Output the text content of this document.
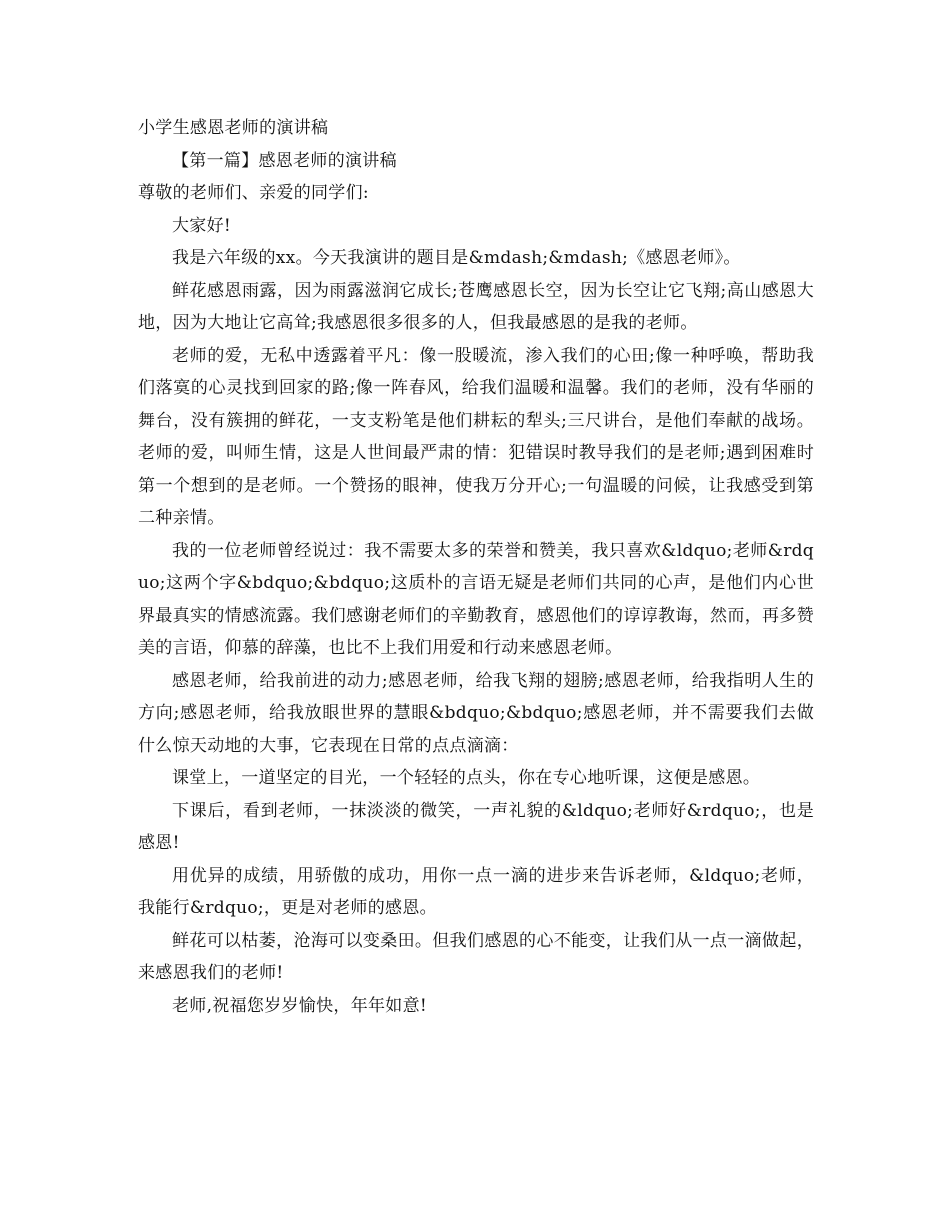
小学生感恩老师的演讲稿
【第一篇】感恩老师的演讲稿

尊敬的老师们、亲爱的同学们:

大家好!

我是六年级的xx。今天我演讲的题目是&mdash;&mdash;《感恩老师》。

鲜花感恩雨露，因为雨露滋润它成长;苍鹰感恩长空，因为长空让它飞翔;高山感恩大地，因为大地让它高耸;我感恩很多很多的人，但我最感恩的是我的老师。

老师的爱，无私中透露着平凡：像一股暖流，渗入我们的心田;像一种呼唤，帮助我们落寞的心灵找到回家的路;像一阵春风，给我们温暖和温馨。我们的老师，没有华丽的舞台，没有簇拥的鲜花，一支支粉笔是他们耕耘的犁头;三尺讲台，是他们奉献的战场。老师的爱，叫师生情，这是人世间最严肃的情：犯错误时教导我们的是老师;遇到困难时第一个想到的是老师。一个赞扬的眼神，使我万分开心;一句温暖的问候，让我感受到第二种亲情。

我的一位老师曾经说过：我不需要太多的荣誉和赞美，我只喜欢&ldquo;老师&rdquo;这两个字&bdquo;&bdquo;这质朴的言语无疑是老师们共同的心声，是他们内心世界最真实的情感流露。我们感谢老师们的辛勤教育，感恩他们的谆谆教诲，然而，再多赞美的言语，仰慕的辞藻，也比不上我们用爱和行动来感恩老师。

感恩老师，给我前进的动力;感恩老师，给我飞翔的翅膀;感恩老师，给我指明人生的方向;感恩老师，给我放眼世界的慧眼&bdquo;&bdquo;感恩老师，并不需要我们去做什么惊天动地的大事，它表现在日常的点点滴滴：

课堂上，一道坚定的目光，一个轻轻的点头，你在专心地听课，这便是感恩。

下课后，看到老师，一抹淡淡的微笑，一声礼貌的&ldquo;老师好&rdquo;，也是感恩!

用优异的成绩，用骄傲的成功，用你一点一滴的进步来告诉老师，&ldquo;老师，我能行&rdquo;，更是对老师的感恩。

鲜花可以枯萎，沧海可以变桑田。但我们感恩的心不能变，让我们从一点一滴做起，来感恩我们的老师!

老师,祝福您岁岁愉快，年年如意!
